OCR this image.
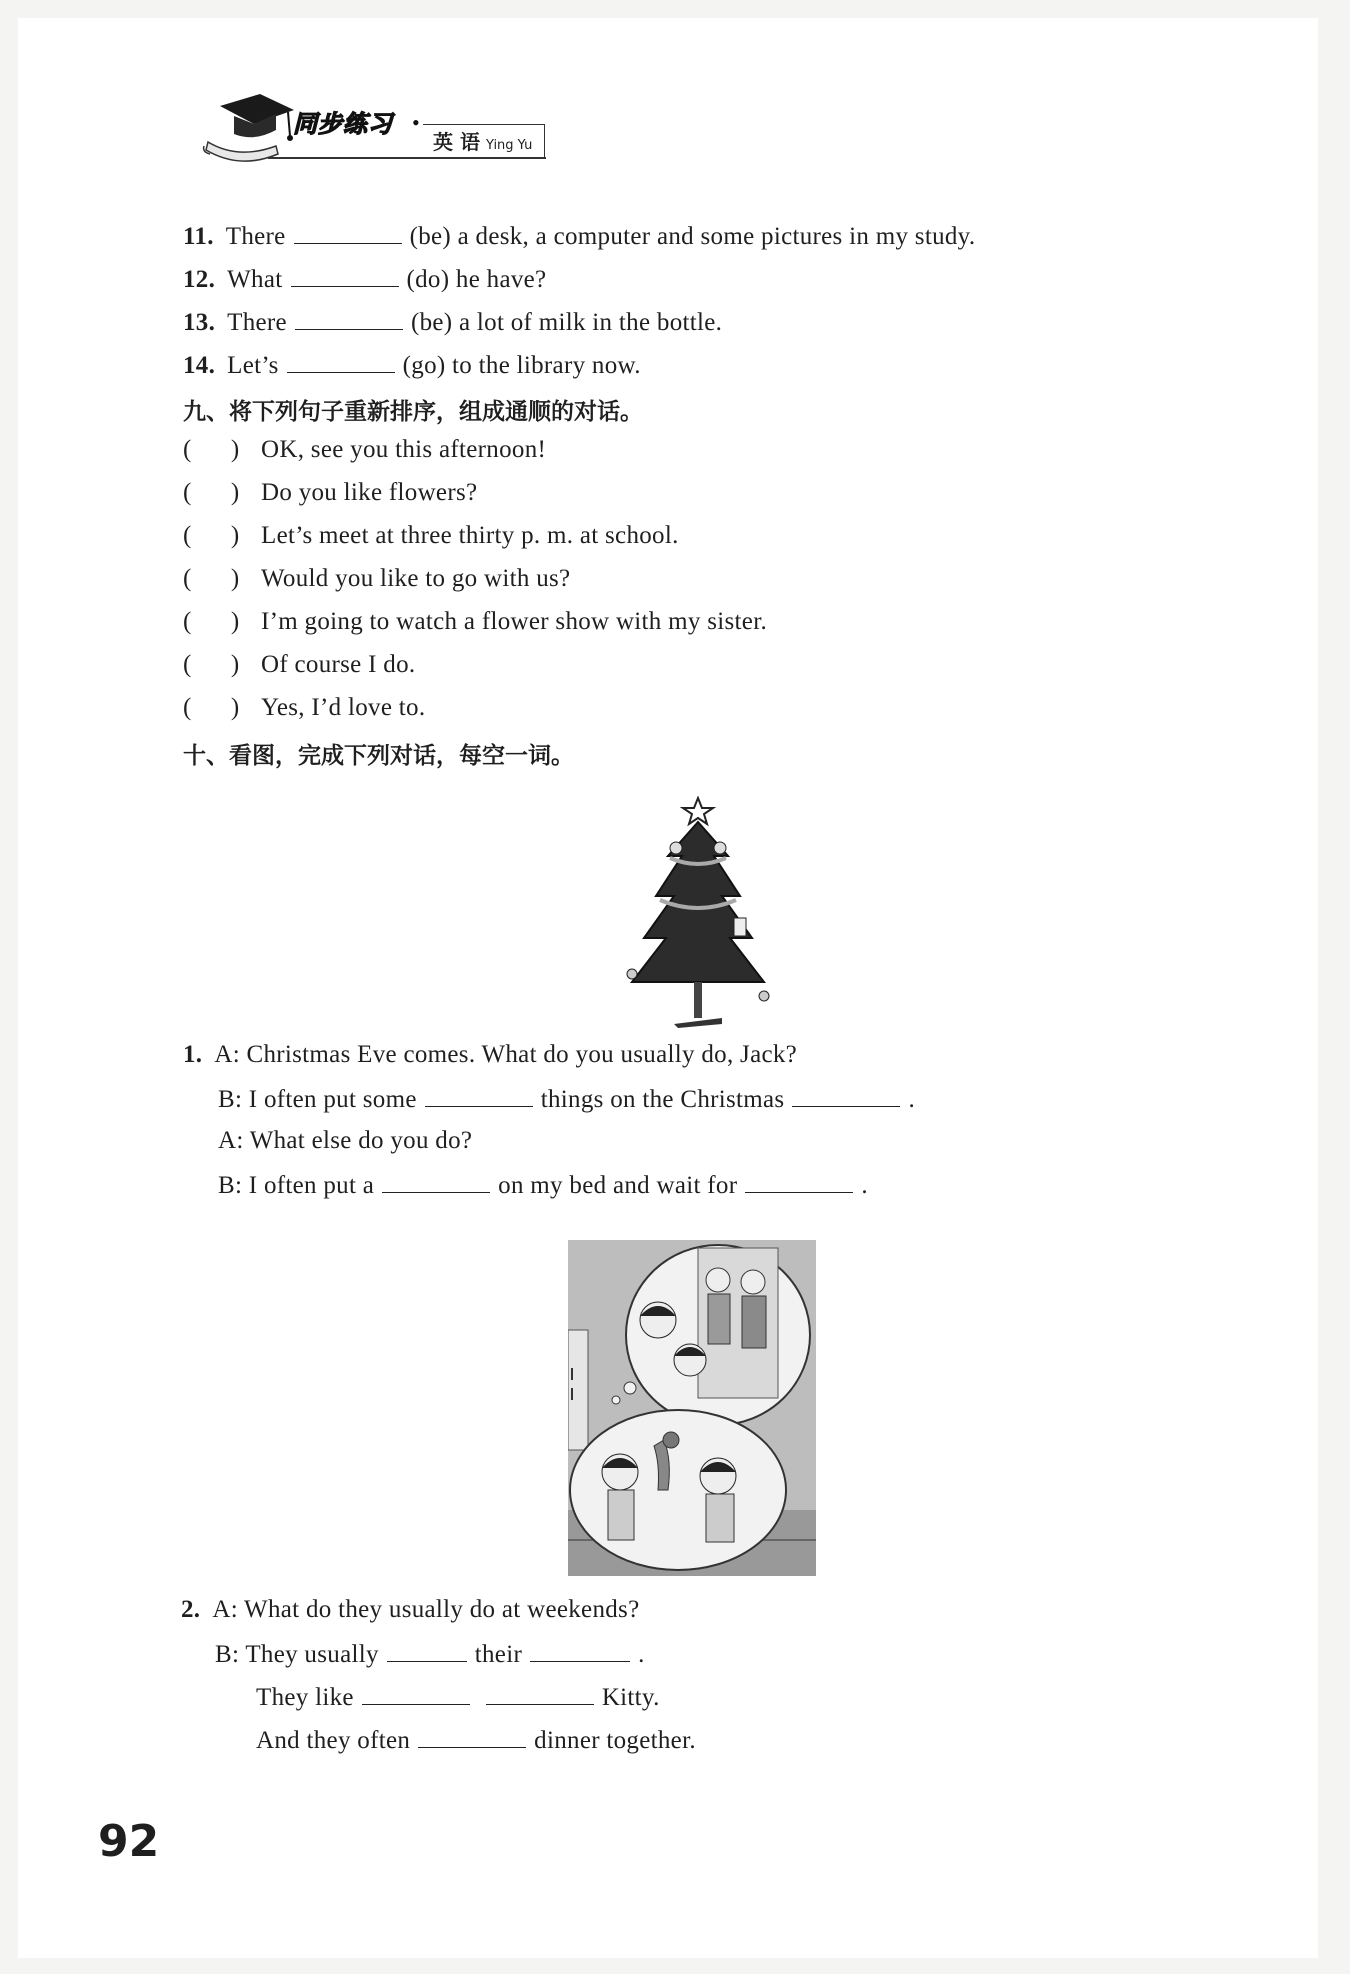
同步练习 •
英 语 Ying Yu
11. There	(be) a desk, a computer and some pictures in my study.
12. What	(do) he have?
13. There	(be) a lot of milk in the bottle.
14. Let’s	(go) to the library now.
九、将下列句子重新排序，组成通顺的对话。
(      ) OK, see you this afternoon!
(      ) Do you like flowers?
(      ) Let’s meet at three thirty p. m. at school.
(      ) Would you like to go with us?
(      ) I’m going to watch a flower show with my sister.
(      ) Of course I do.
(      ) Yes, I’d love to.
十、看图，完成下列对话，每空一词。
1. A: Christmas Eve comes. What do you usually do, Jack?
B: I often put some	things on the Christmas	.
A: What else do you do?
B: I often put a	on my bed and wait for	.
2. A: What do they usually do at weekends?
B: They usually	their	.
They like	Kitty.
And they often	dinner together.
92
